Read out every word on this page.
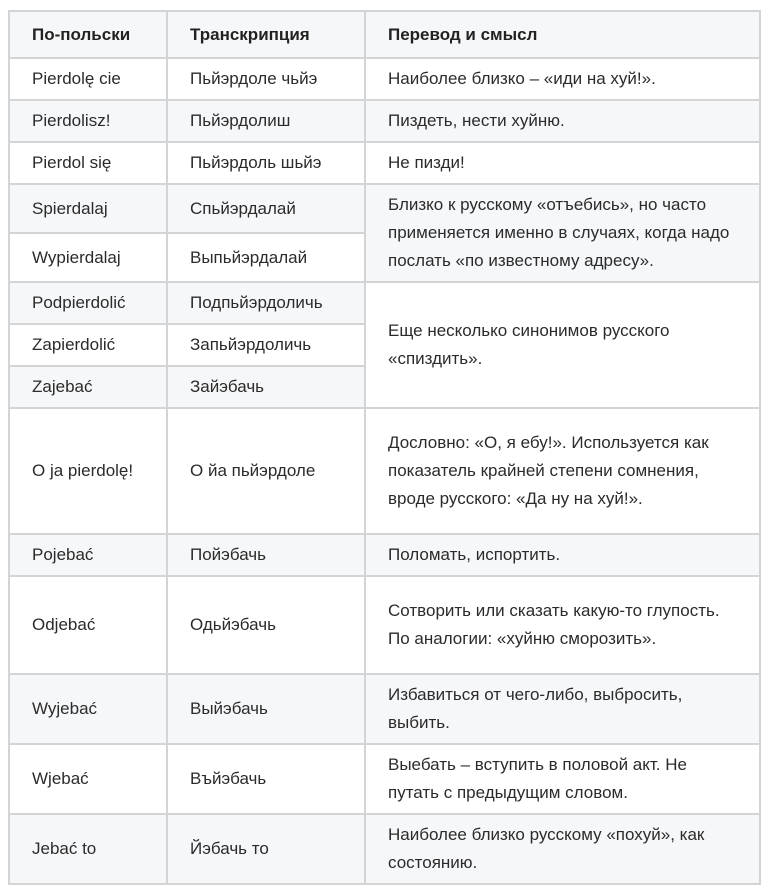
По-польски	Транскрипция	Перевод и смысл
Pierdolę cie	Пьйэрдоле чьйэ	Наиболее близко – «иди на хуй!».
Pierdolisz!	Пьйэрдолиш	Пиздеть, нести хуйню.
Pierdol się	Пьйэрдоль шьйэ	Не пизди!
Spierdalaj	Спьйэрдалай	Близко к русскому «отъебись», но часто применяется именно в случаях, когда надо послать «по известному адресу».
Wypierdalaj	Выпьйэрдалай	
Podpierdolić	Подпьйэрдоличь	Еще несколько синонимов русского «спиздить».
Zapierdolić	Запьйэрдоличь	
Zajebać	Зайэбачь	
O ja pierdolę!	О йа пьйэрдоле	Дословно: «О, я ебу!». Используется как показатель крайней степени сомнения, вроде русского: «Да ну на хуй!».
Pojebać	Пойэбачь	Поломать, испортить.
Odjebać	Одьйэбачь	Сотворить или сказать какую-то глупость. По аналогии: «хуйню сморозить».
Wyjebać	Выйэбачь	Избавиться от чего-либо, выбросить, выбить.
Wjebać	Въйэбачь	Выебать – вступить в половой акт. Не путать с предыдущим словом.
Jebać to	Йэбачь то	Наиболее близко русскому «похуй», как состоянию.
